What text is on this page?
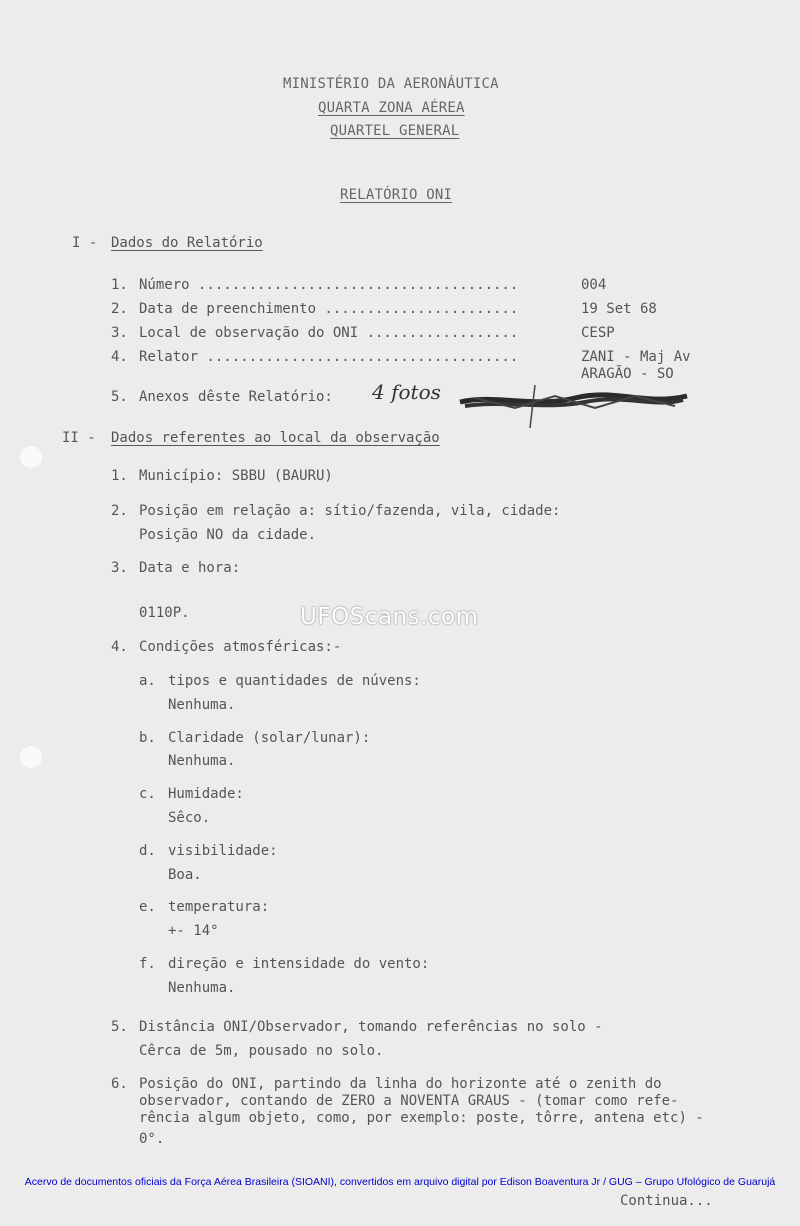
MINISTÉRIO DA AERONÁUTICA
QUARTA ZONA AÉREA
QUARTEL GENERAL
RELATÓRIO ONI
I - Dados do Relatório
1. Número ......................................	004
2. Data de preenchimento .......................	19 Set 68
3. Local de observação do ONI ..................	CESP
4. Relator .....................................	ZANI - Maj Av
ARAGÃO - SO
5. Anexos dêste Relatório: 4 fotos
II - Dados referentes ao local da observação
1. Município: SBBU (BAURU)
2. Posição em relação a: sítio/fazenda, vila, cidade:
Posição NO da cidade.
3. Data e hora:
0110P.
4. Condições atmosféricas:-
a. tipos e quantidades de núvens:
Nenhuma.
b. Claridade (solar/lunar):
Nenhuma.
c. Humidade:
Sêco.
d. visibilidade:
Boa.
e. temperatura:
+- 14°
f. direção e intensidade do vento:
Nenhuma.
5. Distância ONI/Observador, tomando referências no solo -
Cêrca de 5m, pousado no solo.
6. Posição do ONI, partindo da linha do horizonte até o zenith do
observador, contando de ZERO a NOVENTA GRAUS - (tomar como refe-
rência algum objeto, como, por exemplo: poste, tôrre, antena etc) -
0°.
UFOScans.com
Acervo de documentos oficiais da Força Aérea Brasileira (SIOANI), convertidos em arquivo digital por Edison Boaventura Jr / GUG – Grupo Ufológico de Guarujá
Continua...
